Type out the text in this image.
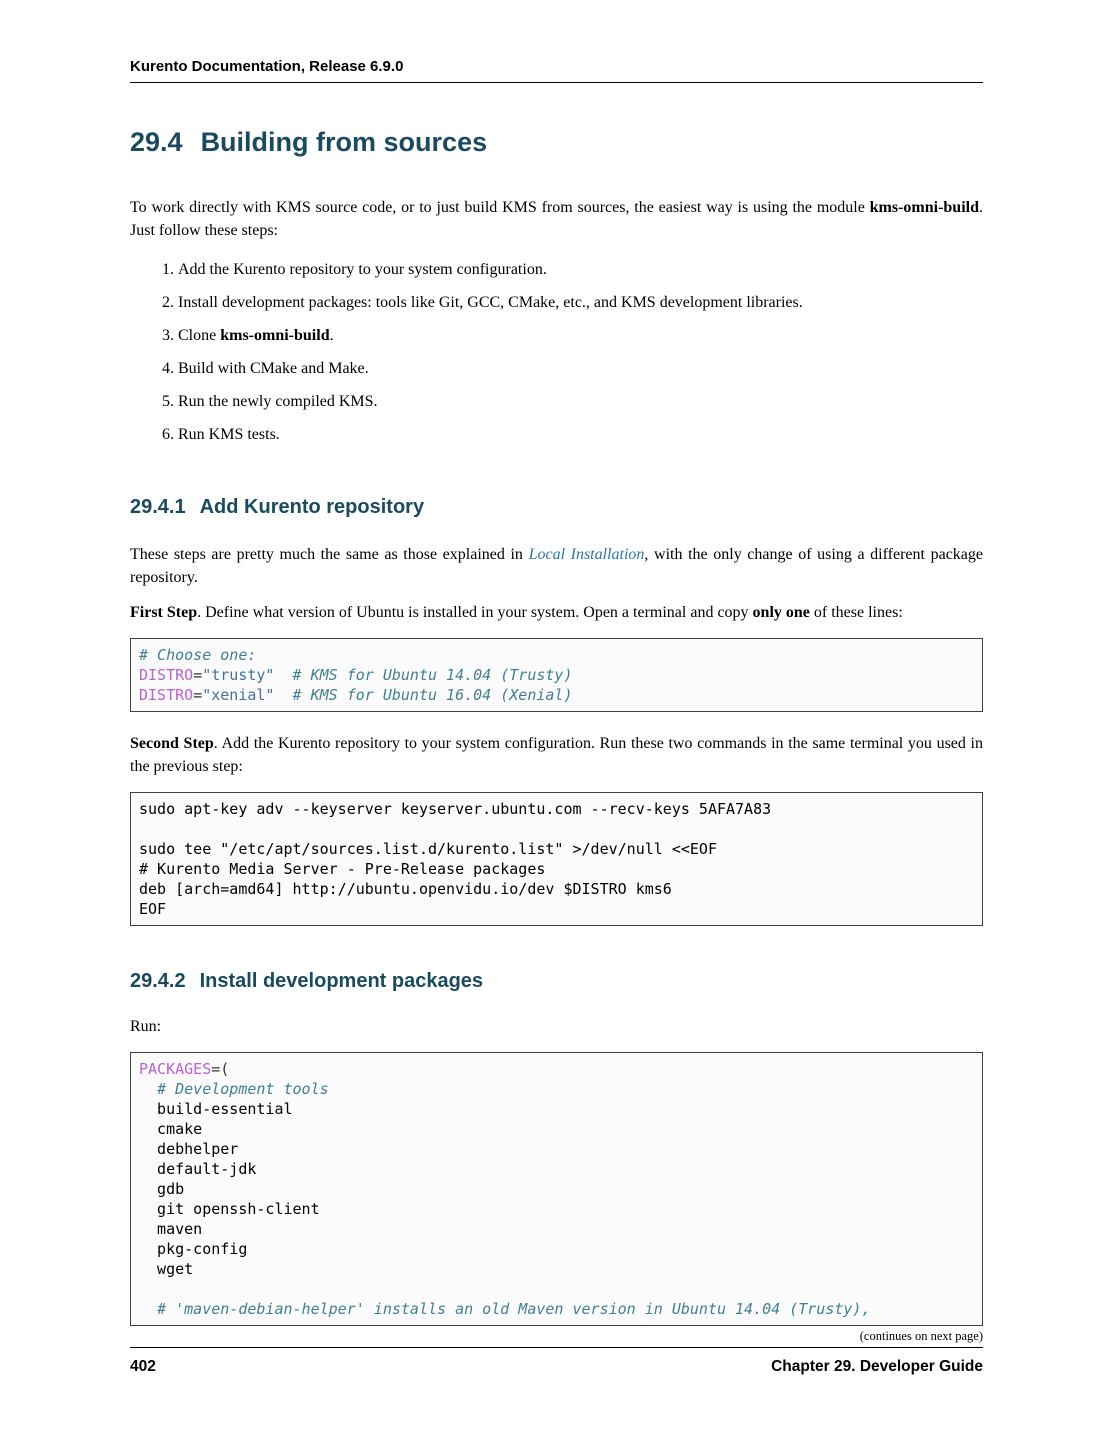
Kurento Documentation, Release 6.9.0
29.4 Building from sources

To work directly with KMS source code, or to just build KMS from sources, the easiest way is using the module kms-omni-build. Just follow these steps:

1. Add the Kurento repository to your system configuration.
2. Install development packages: tools like Git, GCC, CMake, etc., and KMS development libraries.
3. Clone kms-omni-build.
4. Build with CMake and Make.
5. Run the newly compiled KMS.
6. Run KMS tests.
29.4.1 Add Kurento repository

These steps are pretty much the same as those explained in Local Installation, with the only change of using a different package repository.

First Step. Define what version of Ubuntu is installed in your system. Open a terminal and copy only one of these lines:

# Choose one:
DISTRO="trusty" # KMS for Ubuntu 14.04 (Trusty)
DISTRO="xenial" # KMS for Ubuntu 16.04 (Xenial)

Second Step. Add the Kurento repository to your system configuration. Run these two commands in the same terminal you used in the previous step:

sudo apt-key adv --keyserver keyserver.ubuntu.com --recv-keys 5AFA7A83

sudo tee "/etc/apt/sources.list.d/kurento.list" >/dev/null <<EOF
# Kurento Media Server - Pre-Release packages
deb [arch=amd64] http://ubuntu.openvidu.io/dev $DISTRO kms6
EOF
29.4.2 Install development packages

Run:

PACKAGES=(
# Development tools
build-essential
cmake
debhelper
default-jdk
gdb
git openssh-client
maven
pkg-config
wget

# 'maven-debian-helper' installs an old Maven version in Ubuntu 14.04 (Trusty),
(continues on next page)
402	Chapter 29. Developer Guide
